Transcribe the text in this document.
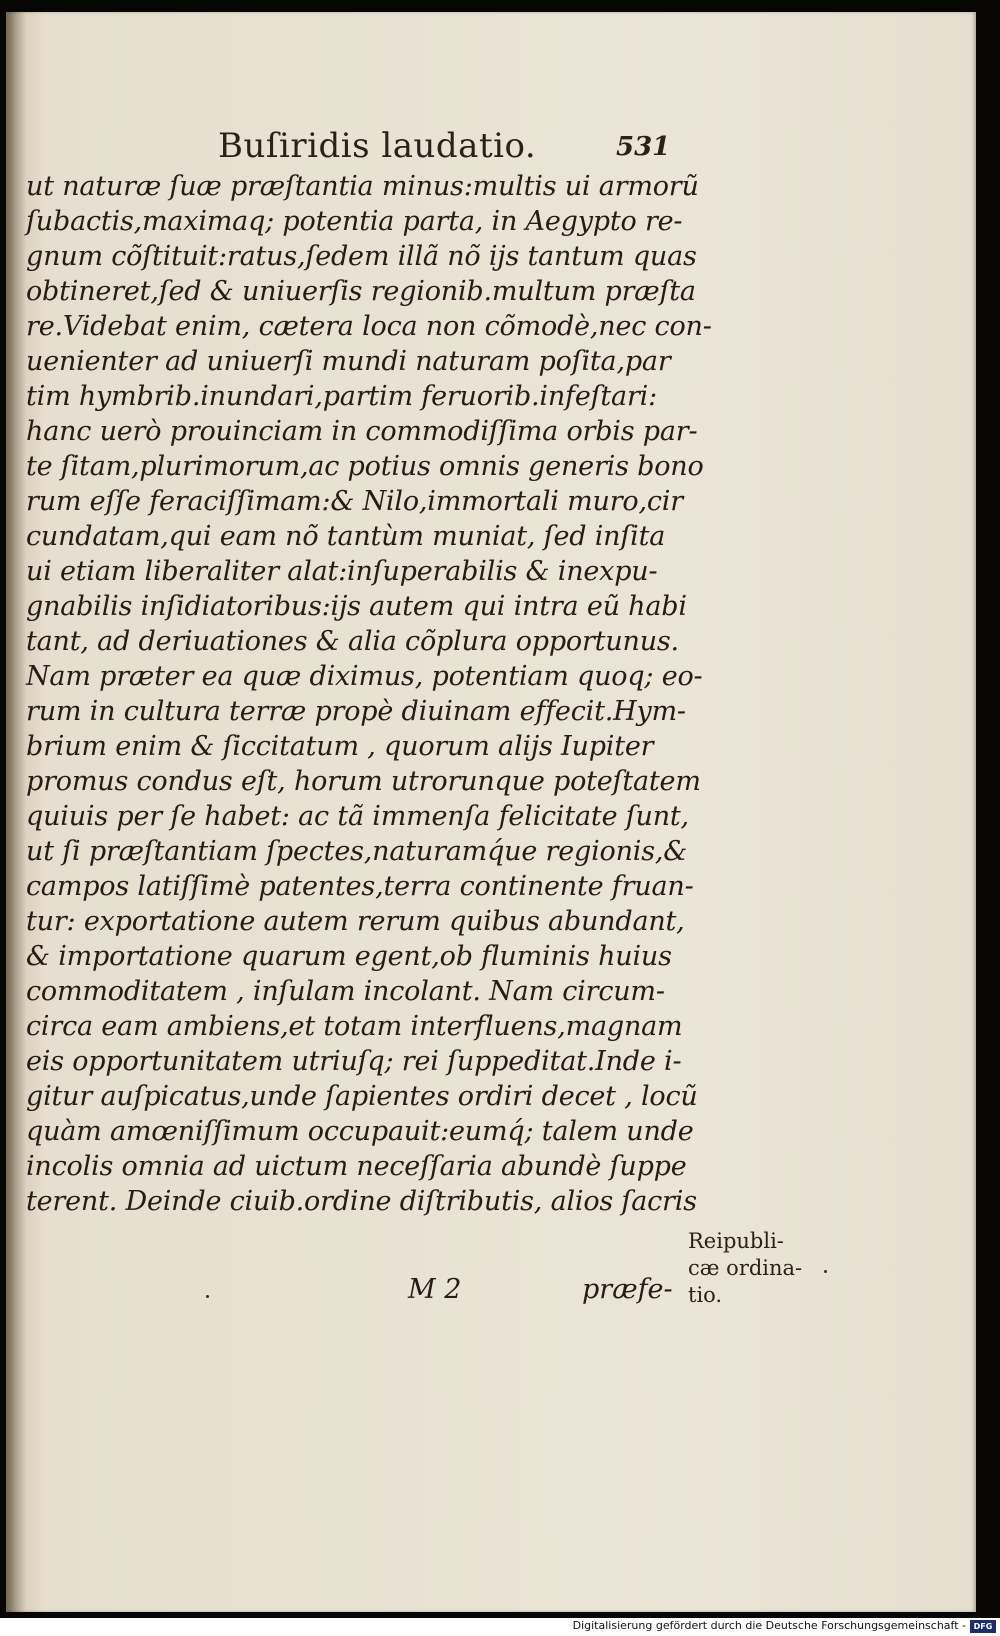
Buſiridis laudatio.	531
ut naturæ ſuæ præſtantia minus:multis ui armorũ
ſubactis,maximaq; potentia parta, in Aegypto re-
gnum cõſtituit:ratus,ſedem illã nõ ijs tantum quas
obtineret,ſed & uniuerſis regionib.multum præſta
re.Videbat enim, cætera loca non cõmodè,nec con-
uenienter ad uniuerſi mundi naturam poſita,par
tim hymbrib.inundari,partim feruorib.infeſtari:
hanc uerò prouinciam in commodiſſima orbis par-
te ſitam,plurimorum,ac potius omnis generis bono
rum eſſe feraciſſimam:& Nilo,immortali muro,cir
cundatam,qui eam nõ tantùm muniat, ſed inſita
ui etiam liberaliter alat:inſuperabilis & inexpu-
gnabilis inſidiatoribus:ijs autem qui intra eũ habi
tant, ad deriuationes & alia cõplura opportunus.
Nam præter ea quæ diximus, potentiam quoq; eo-
rum in cultura terræ propè diuinam effecit.Hym-
brium enim & ſiccitatum , quorum alijs Iupiter
promus condus eſt, horum utrorunque poteſtatem
quiuis per ſe habet: ac tã immenſa felicitate ſunt,
ut ſi præſtantiam ſpectes,naturamq́ue regionis,&
campos latiſſimè patentes,terra continente fruan-
tur: exportatione autem rerum quibus abundant,
& importatione quarum egent,ob fluminis huius
commoditatem , inſulam incolant. Nam circum-
circa eam ambiens,et totam interfluens,magnam
eis opportunitatem utriuſq; rei ſuppeditat.Inde i-
gitur auſpicatus,unde ſapientes ordiri decet , locũ
quàm amœniſſimum occupauit:eumq́; talem unde
incolis omnia ad uictum neceſſaria abundè ſuppe
terent. Deinde ciuib.ordine diſtributis, alios ſacris
M 2	præfe-
Reipubli-
cæ ordina-
tio.
Digitalisierung gefördert durch die Deutsche Forschungsgemeinschaft - DFG
